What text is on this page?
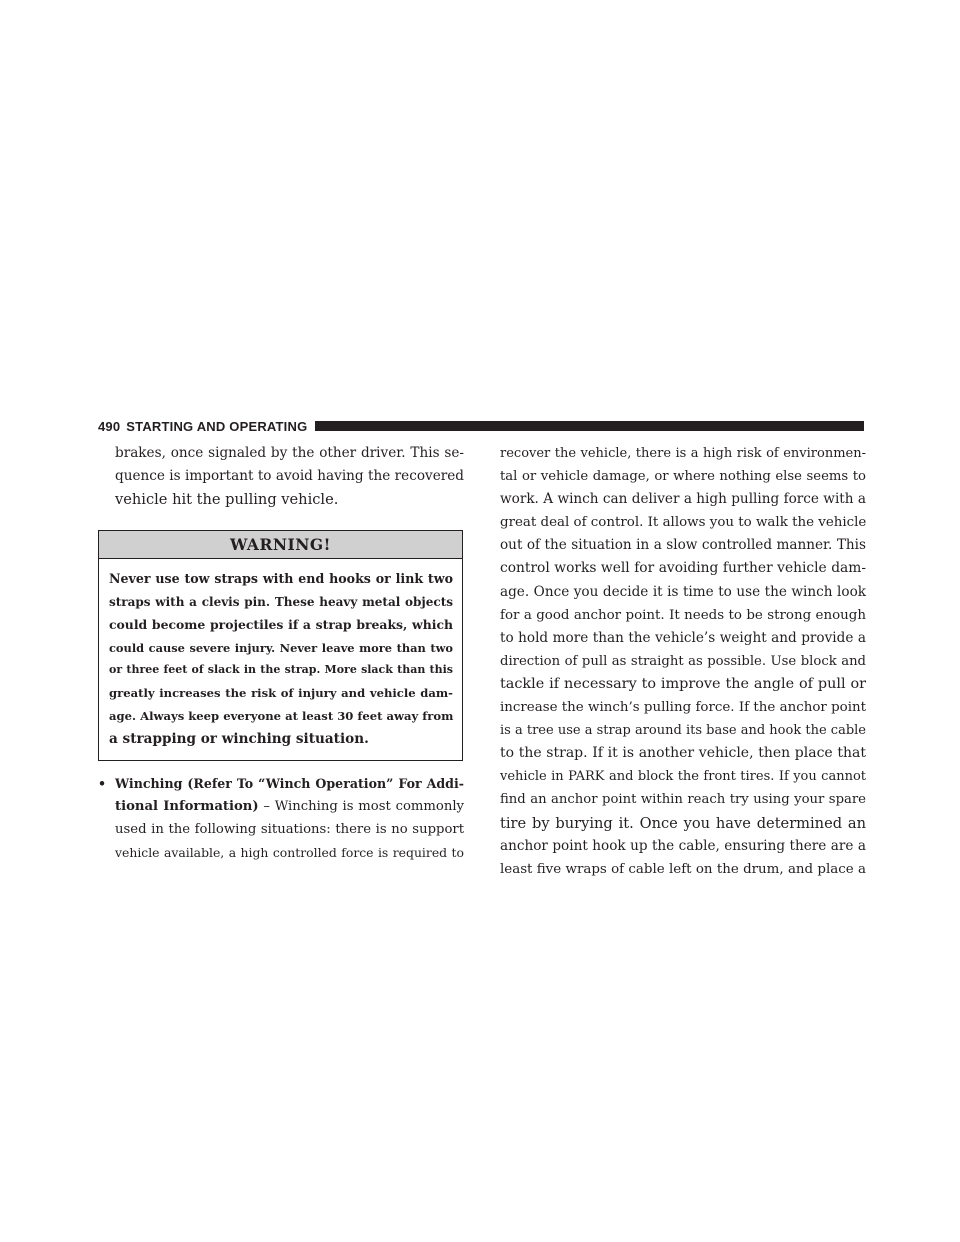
490 STARTING AND OPERATING
brakes, once signaled by the other driver. This se-
quence is important to avoid having the recovered
vehicle hit the pulling vehicle.
WARNING!
Never use tow straps with end hooks or link two
straps with a clevis pin. These heavy metal objects
could become projectiles if a strap breaks, which
could cause severe injury. Never leave more than two
or three feet of slack in the strap. More slack than this
greatly increases the risk of injury and vehicle dam-
age. Always keep everyone at least 30 feet away from
a strapping or winching situation.
• Winching (Refer To “Winch Operation” For Addi-
tional Information) – Winching is most commonly
used in the following situations: there is no support
vehicle available, a high controlled force is required to
recover the vehicle, there is a high risk of environmen-
tal or vehicle damage, or where nothing else seems to
work. A winch can deliver a high pulling force with a
great deal of control. It allows you to walk the vehicle
out of the situation in a slow controlled manner. This
control works well for avoiding further vehicle dam-
age. Once you decide it is time to use the winch look
for a good anchor point. It needs to be strong enough
to hold more than the vehicle’s weight and provide a
direction of pull as straight as possible. Use block and
tackle if necessary to improve the angle of pull or
increase the winch’s pulling force. If the anchor point
is a tree use a strap around its base and hook the cable
to the strap. If it is another vehicle, then place that
vehicle in PARK and block the front tires. If you cannot
find an anchor point within reach try using your spare
tire by burying it. Once you have determined an
anchor point hook up the cable, ensuring there are a
least five wraps of cable left on the drum, and place a
